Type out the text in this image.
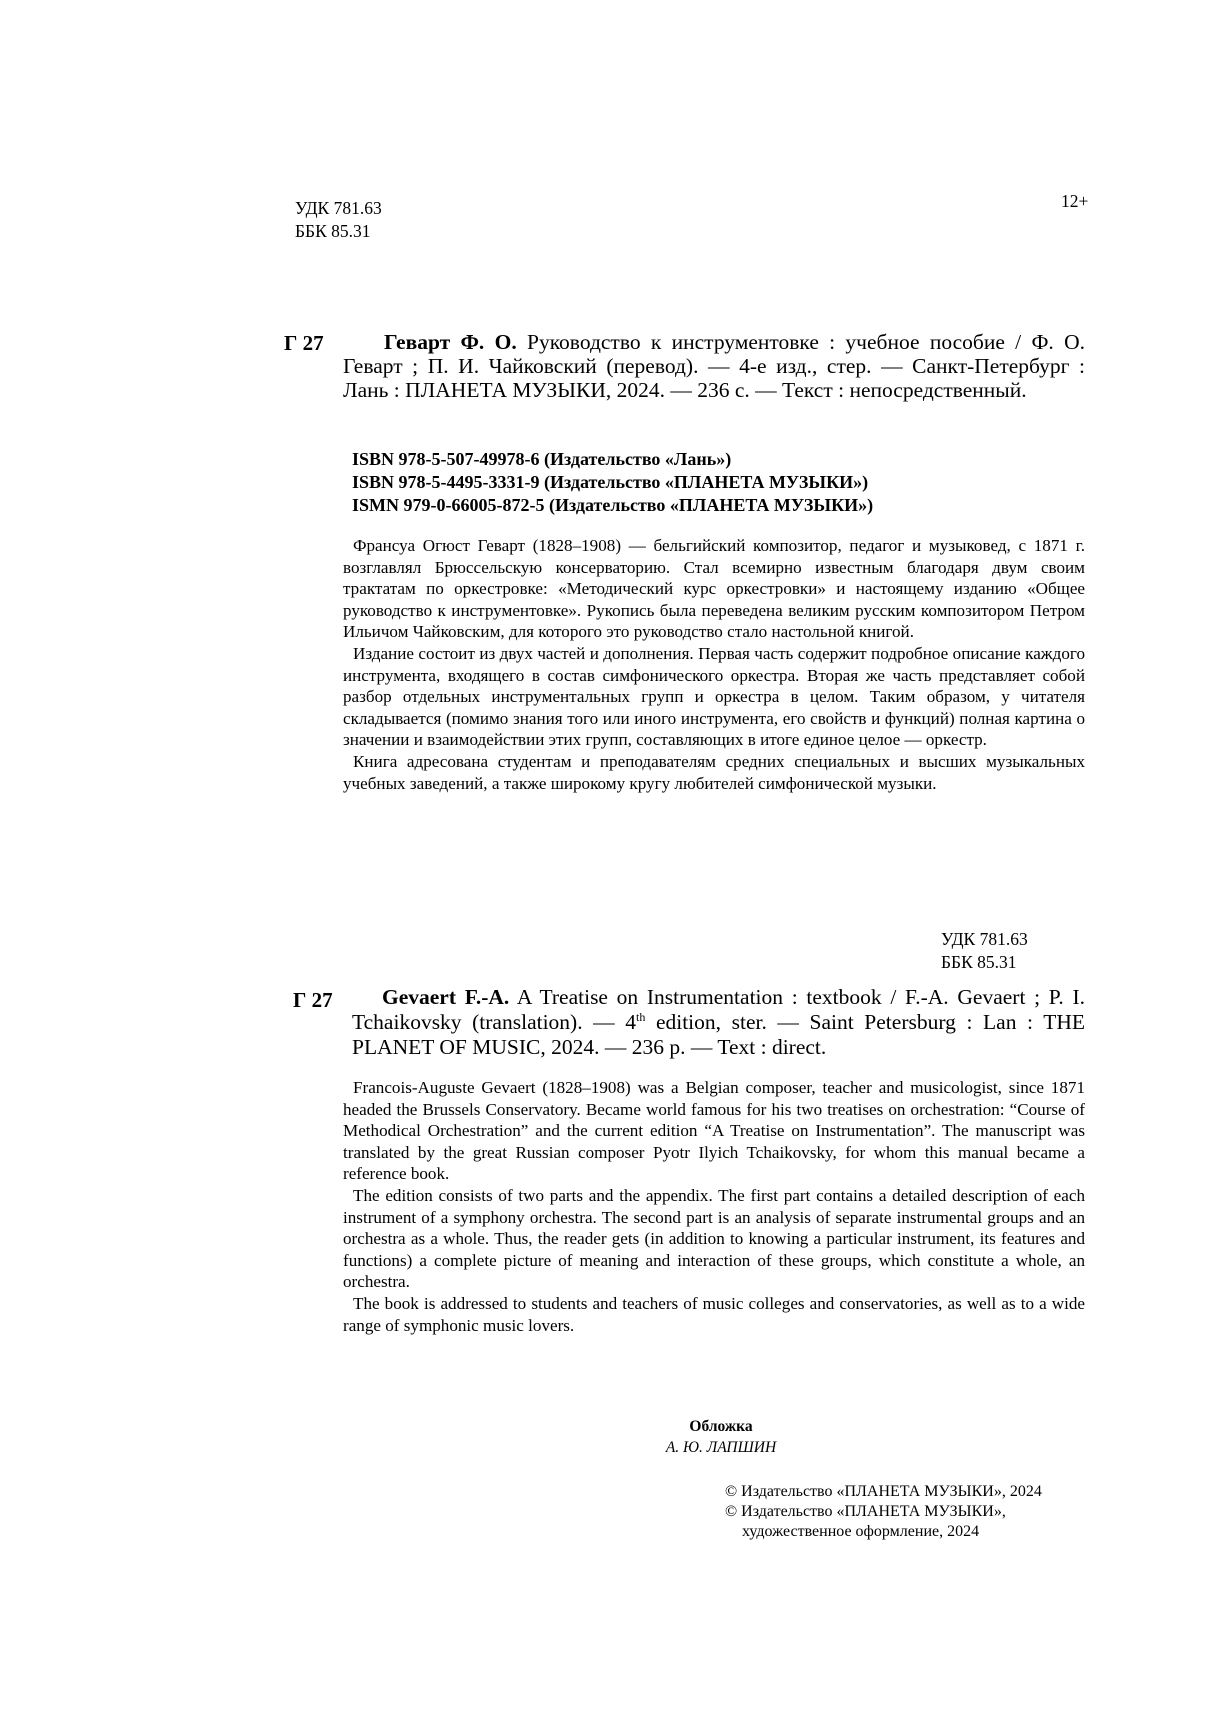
УДК 781.63
ББК 85.31
12+
Г 27	Геварт Ф. О. Руководство к инструментовке : учебное пособие / Ф. О. Геварт ; П. И. Чайковский (перевод). — 4-е изд., стер. — Санкт-Петербург : Лань : ПЛАНЕТА МУЗЫКИ, 2024. — 236 с. — Текст : непосредственный.
ISBN 978-5-507-49978-6 (Издательство «Лань»)
ISBN 978-5-4495-3331-9 (Издательство «ПЛАНЕТА МУЗЫКИ»)
ISMN 979-0-66005-872-5 (Издательство «ПЛАНЕТА МУЗЫКИ»)

Франсуа Огюст Геварт (1828–1908) — бельгийский композитор, педагог и музыковед, с 1871 г. возглавлял Брюссельскую консерваторию. Стал всемирно известным благодаря двум своим трактатам по оркестровке: «Методический курс оркестровки» и настоящему изданию «Общее руководство к инструментовке». Рукопись была переведена великим русским композитором Петром Ильичом Чайковским, для которого это руководство стало настольной книгой.

Издание состоит из двух частей и дополнения. Первая часть содержит подробное описание каждого инструмента, входящего в состав симфонического оркестра. Вторая же часть представляет собой разбор отдельных инструментальных групп и оркестра в целом. Таким образом, у читателя складывается (помимо знания того или иного инструмента, его свойств и функций) полная картина о значении и взаимодействии этих групп, составляющих в итоге единое целое — оркестр.

Книга адресована студентам и преподавателям средних специальных и высших музыкальных учебных заведений, а также широкому кругу любителей симфонической музыки.

УДК 781.63
ББК 85.31
Г 27	Gevaert F.-A. A Treatise on Instrumentation : textbook / F.-A. Gevaert ; P. I. Tchaikovsky (translation). — 4th edition, ster. — Saint Petersburg : Lan : THE PLANET OF MUSIC, 2024. — 236 p. — Text : direct.

Francois-Auguste Gevaert (1828–1908) was a Belgian composer, teacher and musicologist, since 1871 headed the Brussels Conservatory. Became world famous for his two treatises on orchestration: “Course of Methodical Orchestration” and the current edition “A Treatise on Instrumentation”. The manuscript was translated by the great Russian composer Pyotr Ilyich Tchaikovsky, for whom this manual became a reference book.

The edition consists of two parts and the appendix. The first part contains a detailed description of each instrument of a symphony orchestra. The second part is an analysis of separate instrumental groups and an orchestra as a whole. Thus, the reader gets (in addition to knowing a particular instrument, its features and functions) a complete picture of meaning and interaction of these groups, which constitute a whole, an orchestra.

The book is addressed to students and teachers of music colleges and conservatories, as well as to a wide range of symphonic music lovers.

Обложка
А. Ю. ЛАПШИН
© Издательство «ПЛАНЕТА МУЗЫКИ», 2024
© Издательство «ПЛАНЕТА МУЗЫКИ»,
художественное оформление, 2024
